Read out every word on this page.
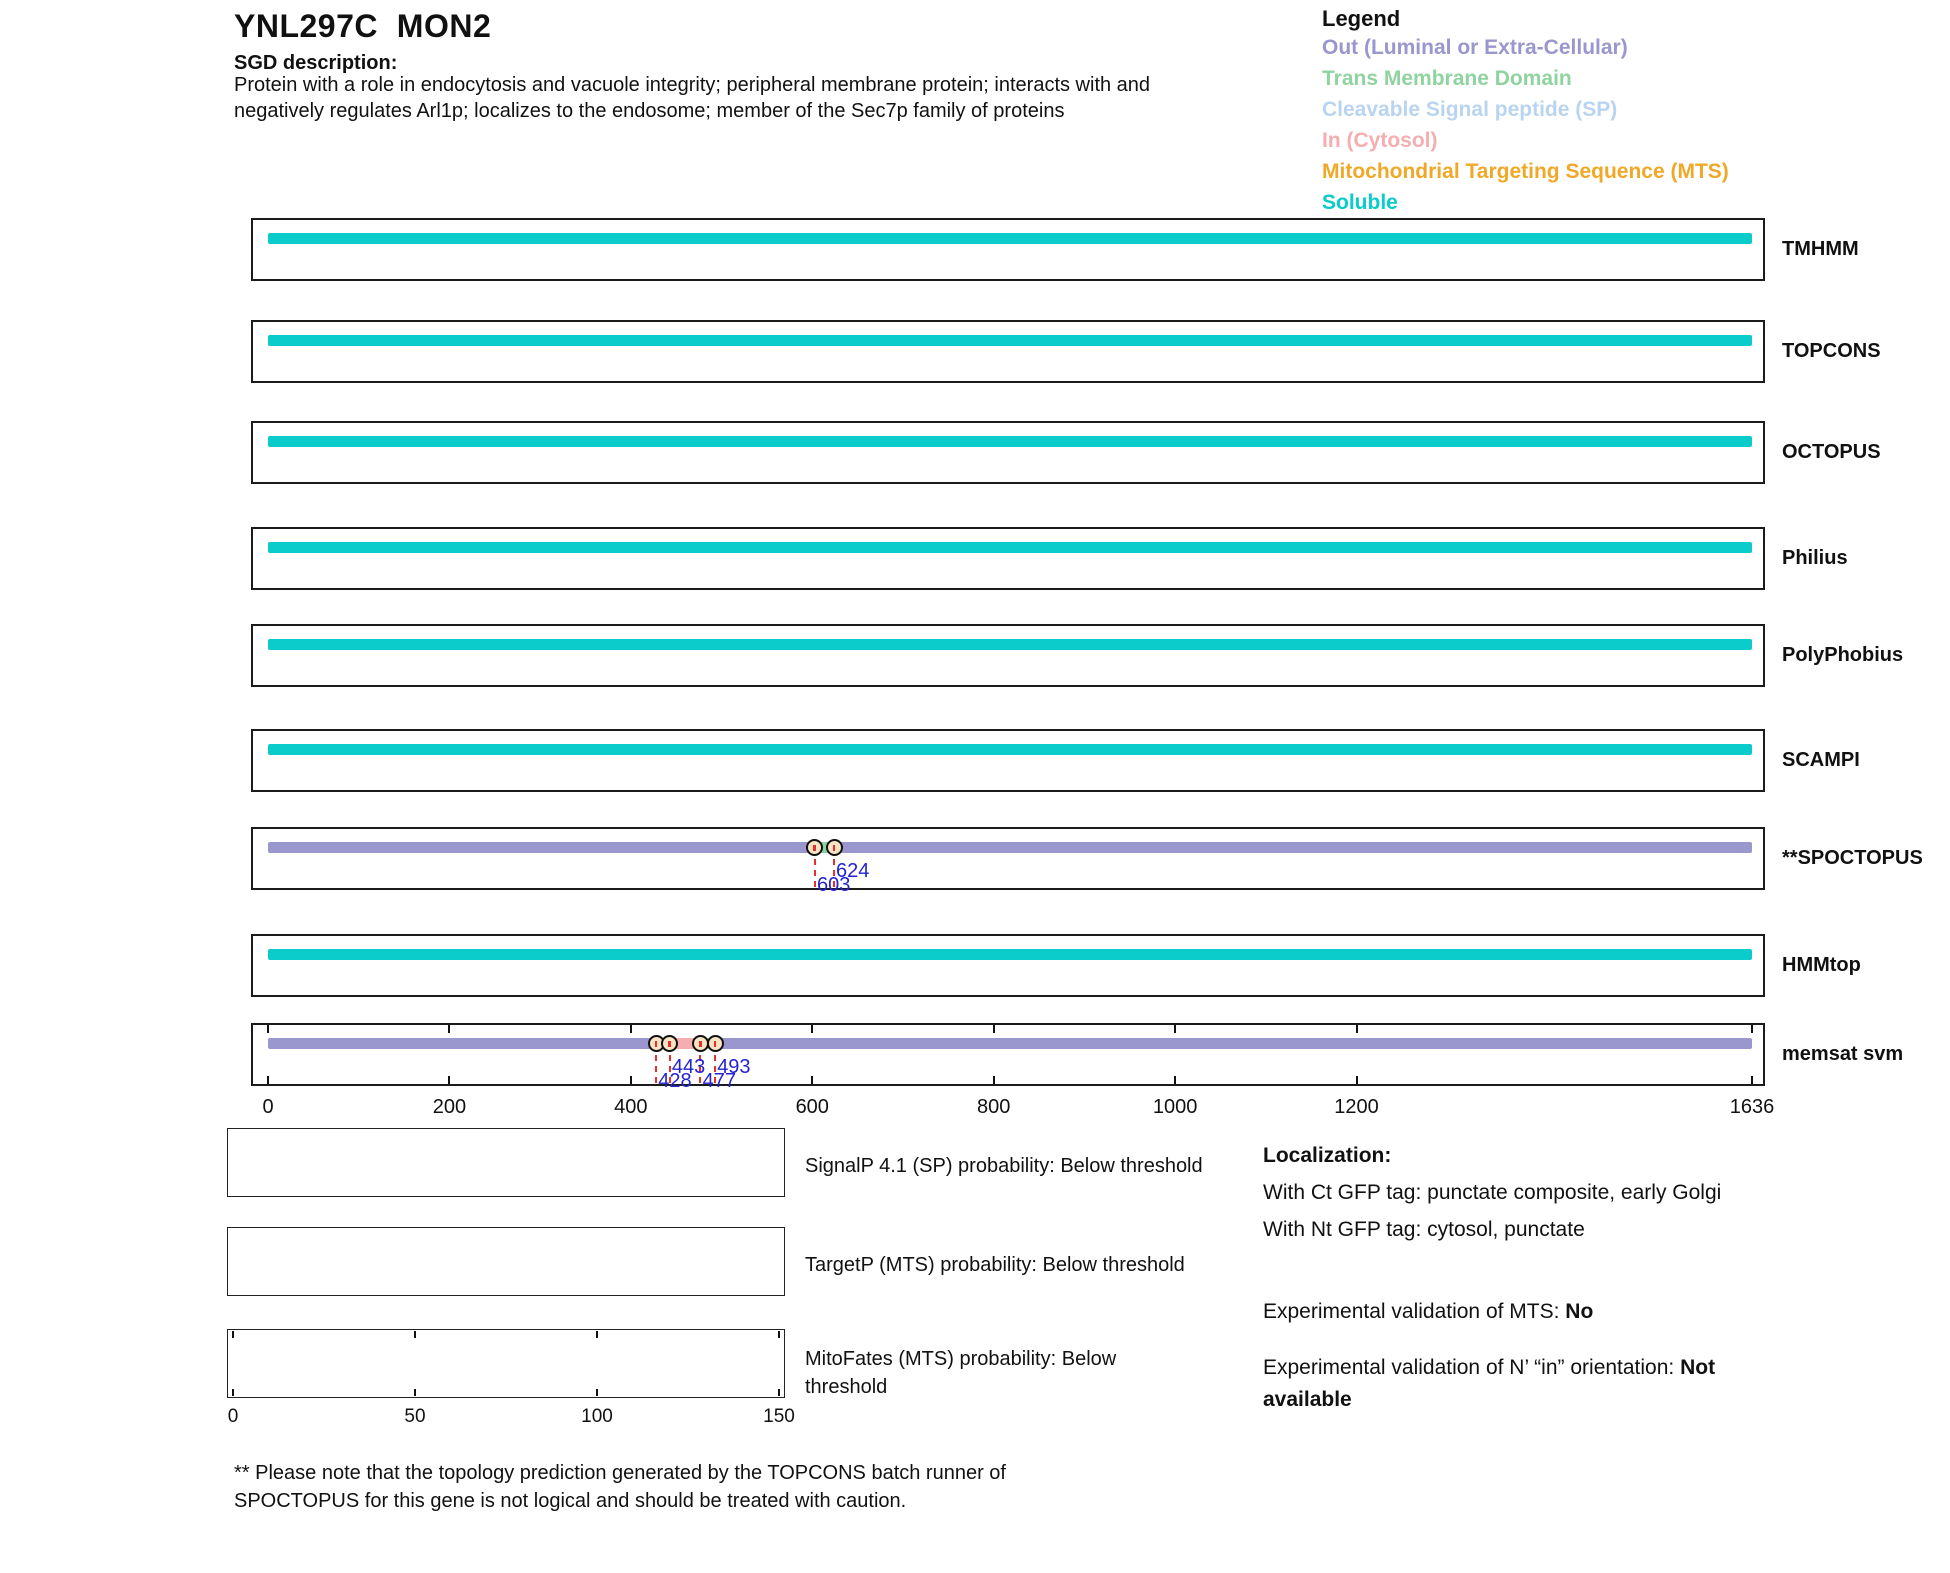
YNL297C  MON2
SGD description:
Protein with a role in endocytosis and vacuole integrity; peripheral membrane protein; interacts with and
negatively regulates Arl1p; localizes to the endosome; member of the Sec7p family of proteins
Legend
Out (Luminal or Extra-Cellular)
Trans Membrane Domain
Cleavable Signal peptide (SP)
In (Cytosol)
Mitochondrial Targeting Sequence (MTS)
Soluble
TMHMM
TOPCONS
OCTOPUS
Philius
PolyPhobius
SCAMPI
603
624
**SPOCTOPUS
HMMtop
428
443
477
493
memsat svm
0	200	400	600	800	1000	1200	1636
SignalP 4.1 (SP) probability: Below threshold
TargetP (MTS) probability: Below threshold
MitoFates (MTS) probability: Below threshold
0	50	100	150
Localization:
With Ct GFP tag: punctate composite, early Golgi
With Nt GFP tag: cytosol, punctate
Experimental validation of MTS: No
Experimental validation of N’ “in” orientation: Not
available
** Please note that the topology prediction generated by the TOPCONS batch runner of
SPOCTOPUS for this gene is not logical and should be treated with caution.
